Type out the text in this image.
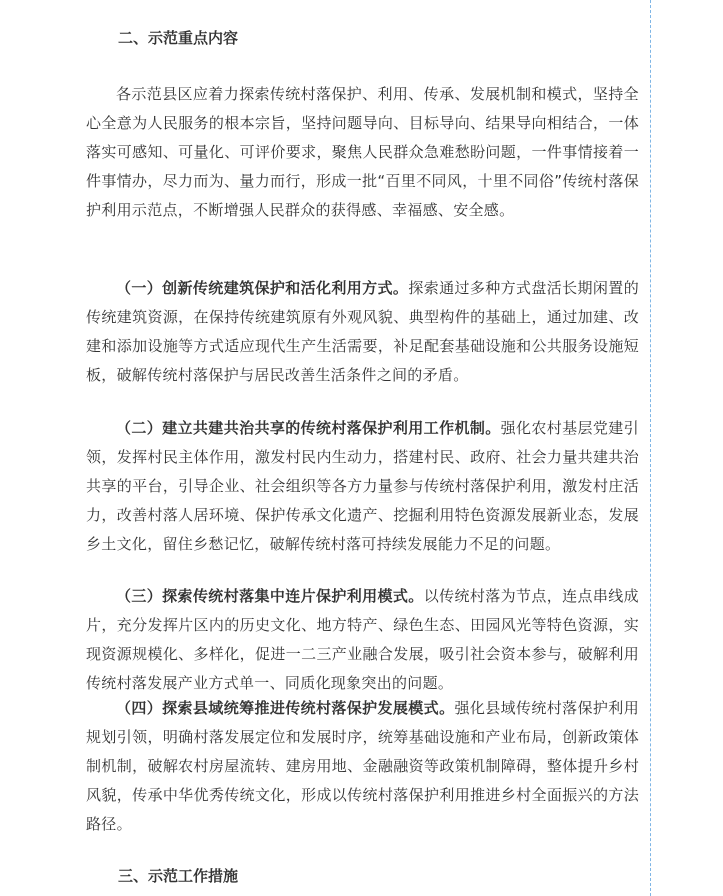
二、示范重点内容

各示范县区应着力探索传统村落保护、利用、传承、发展机制和模式，坚持全心全意为人民服务的根本宗旨，坚持问题导向、目标导向、结果导向相结合，一体落实可感知、可量化、可评价要求，聚焦人民群众急难愁盼问题，一件事情接着一件事情办，尽力而为、量力而行，形成一批“百里不同风，十里不同俗”传统村落保护利用示范点，不断增强人民群众的获得感、幸福感、安全感。

（一）创新传统建筑保护和活化利用方式。探索通过多种方式盘活长期闲置的传统建筑资源，在保持传统建筑原有外观风貌、典型构件的基础上，通过加建、改建和添加设施等方式适应现代生产生活需要，补足配套基础设施和公共服务设施短板，破解传统村落保护与居民改善生活条件之间的矛盾。

（二）建立共建共治共享的传统村落保护利用工作机制。强化农村基层党建引领，发挥村民主体作用，激发村民内生动力，搭建村民、政府、社会力量共建共治共享的平台，引导企业、社会组织等各方力量参与传统村落保护利用，激发村庄活力，改善村落人居环境、保护传承文化遗产、挖掘利用特色资源发展新业态，发展乡土文化，留住乡愁记忆，破解传统村落可持续发展能力不足的问题。

（三）探索传统村落集中连片保护利用模式。以传统村落为节点，连点串线成片，充分发挥片区内的历史文化、地方特产、绿色生态、田园风光等特色资源，实现资源规模化、多样化，促进一二三产业融合发展，吸引社会资本参与，破解利用传统村落发展产业方式单一、同质化现象突出的问题。

（四）探索县域统筹推进传统村落保护发展模式。强化县域传统村落保护利用规划引领，明确村落发展定位和发展时序，统筹基础设施和产业布局，创新政策体制机制，破解农村房屋流转、建房用地、金融融资等政策机制障碍，整体提升乡村风貌，传承中华优秀传统文化，形成以传统村落保护利用推进乡村全面振兴的方法路径。

三、示范工作措施
